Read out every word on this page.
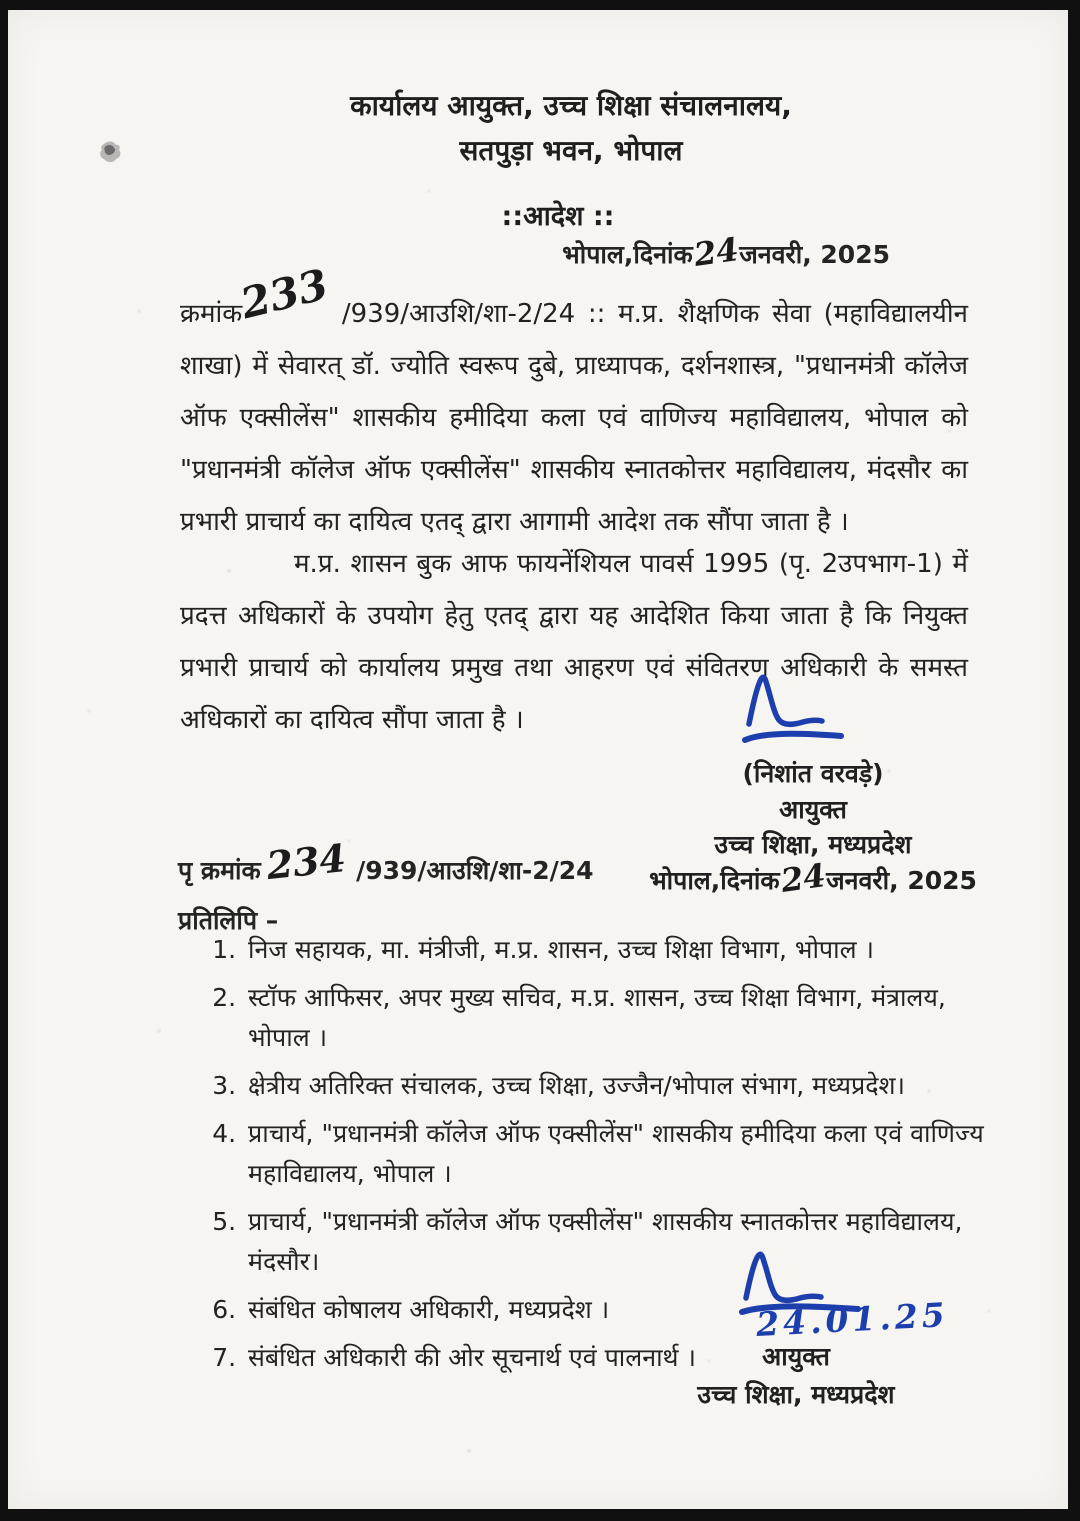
कार्यालय आयुक्त, उच्च शिक्षा संचालनालय,
सतपुड़ा भवन, भोपाल
::आदेश ::
भोपाल,दिनांक24जनवरी, 2025

क्रमांक233 /939/आउशि/शा-2/24 :: म.प्र. शैक्षणिक सेवा (महाविद्यालयीन शाखा) में सेवारत् डॉ. ज्योति स्वरूप दुबे, प्राध्यापक, दर्शनशास्त्र, "प्रधानमंत्री कॉलेज ऑफ एक्सीलेंस" शासकीय हमीदिया कला एवं वाणिज्य महाविद्यालय, भोपाल को "प्रधानमंत्री कॉलेज ऑफ एक्सीलेंस" शासकीय स्नातकोत्तर महाविद्यालय, मंदसौर का प्रभारी प्राचार्य का दायित्व एतद् द्वारा आगामी आदेश तक सौंपा जाता है ।

म.प्र. शासन बुक आफ फायनेंशियल पावर्स 1995 (पृ. 2उपभाग-1) में प्रदत्त अधिकारों के उपयोग हेतु एतद् द्वारा यह आदेशित किया जाता है कि नियुक्त प्रभारी प्राचार्य को कार्यालय प्रमुख तथा आहरण एवं संवितरण अधिकारी के समस्त अधिकारों का दायित्व सौंपा जाता है ।

(निशांत वरवड़े)
आयुक्त
उच्च शिक्षा, मध्यप्रदेश
भोपाल,दिनांक24जनवरी, 2025
पृ क्रमांक234 /939/आउशि/शा-2/24
प्रतिलिपि –
1. निज सहायक, मा. मंत्रीजी, म.प्र. शासन, उच्च शिक्षा विभाग, भोपाल ।
2. स्टॉफ आफिसर, अपर मुख्य सचिव, म.प्र. शासन, उच्च शिक्षा विभाग, मंत्रालय, भोपाल ।
3. क्षेत्रीय अतिरिक्त संचालक, उच्च शिक्षा, उज्जैन/भोपाल संभाग, मध्यप्रदेश।
4. प्राचार्य, "प्रधानमंत्री कॉलेज ऑफ एक्सीलेंस" शासकीय हमीदिया कला एवं वाणिज्य महाविद्यालय, भोपाल ।
5. प्राचार्य, "प्रधानमंत्री कॉलेज ऑफ एक्सीलेंस" शासकीय स्नातकोत्तर महाविद्यालय, मंदसौर।
6. संबंधित कोषालय अधिकारी, मध्यप्रदेश ।
7. संबंधित अधिकारी की ओर सूचनार्थ एवं पालनार्थ ।
24.01.25
आयुक्त
उच्च शिक्षा, मध्यप्रदेश
